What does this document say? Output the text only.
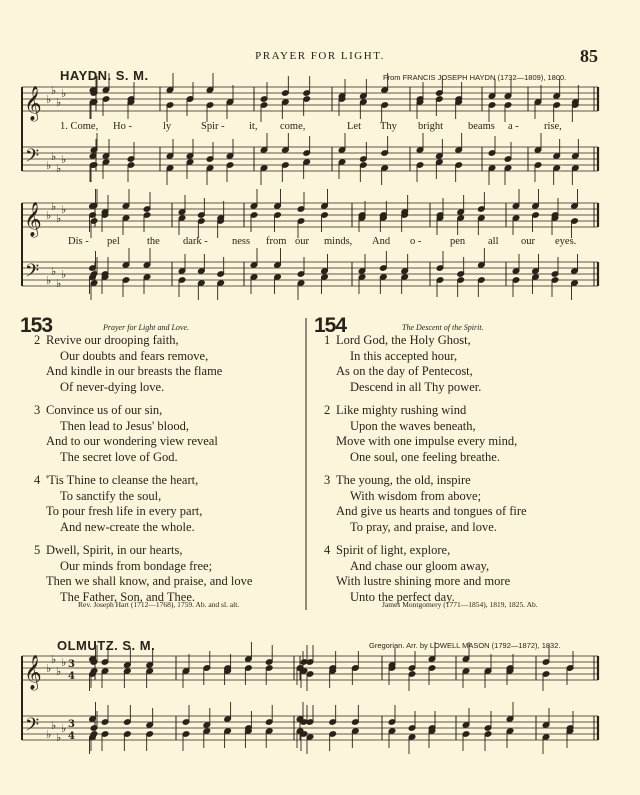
PRAYER FOR LIGHT.	85
HAYDN. S. M.	From FRANCIS JOSEPH HAYDN (1732—1809), 1800.
𝄞
𝄢
♭
♭
♭
♭
♭
♭
♭
♭
𝄞
𝄢
♭
♭
♭
♭
♭
♭
♭
♭
𝄞
𝄢
♭
♭
♭
♭
♭
♭
♭
♭
3
3
4
4
1. Come, Ho -	ly	Spir - it, come,	Let Thy bright beams a - rise,
Dis - pel	the dark - ness from our minds, And o -	pen all our eyes.
153	Prayer for Light and Love.
2 Revive our drooping faith,
Our doubts and fears remove,
And kindle in our breasts the flame
Of never-dying love.
3 Convince us of our sin,
Then lead to Jesus' blood,
And to our wondering view reveal
The secret love of God.
4 'Tis Thine to cleanse the heart,
To sanctify the soul,
To pour fresh life in every part,
And new-create the whole.
5 Dwell, Spirit, in our hearts,
Our minds from bondage free;
Then we shall know, and praise, and love
The Father, Son, and Thee.
Rev. Joseph Hart (1712—1768), 1759. Ab. and sl. alt.
154	The Descent of the Spirit.
1 Lord God, the Holy Ghost,
In this accepted hour,
As on the day of Pentecost,
Descend in all Thy power.
2 Like mighty rushing wind
Upon the waves beneath,
Move with one impulse every mind,
One soul, one feeling breathe.
3 The young, the old, inspire
With wisdom from above;
And give us hearts and tongues of fire
To pray, and praise, and love.
4 Spirit of light, explore,
And chase our gloom away,
With lustre shining more and more
Unto the perfect day.
James Montgomery (1771—1854), 1819, 1825. Ab.
OLMUTZ. S. M.	Gregorian. Arr. by LOWELL MASON (1792—1872), 1832.
